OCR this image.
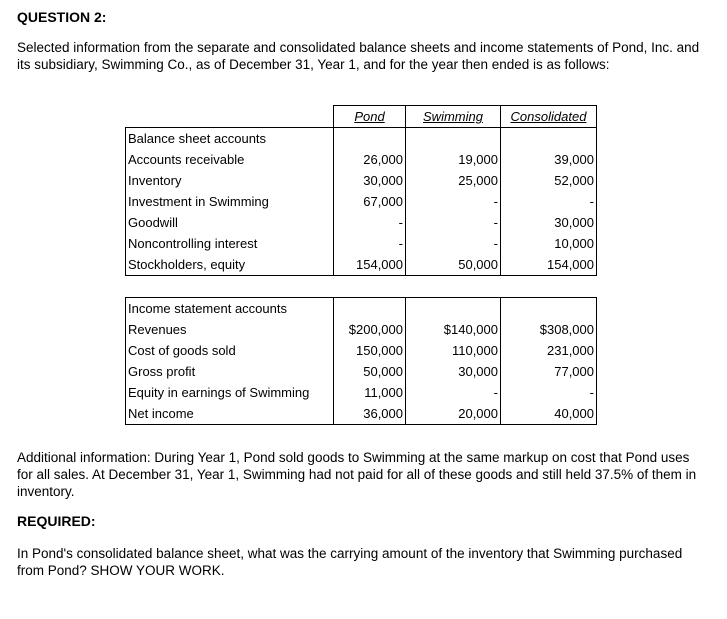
QUESTION 2:
Selected information from the separate and consolidated balance sheets and income statements of Pond, Inc. and its subsidiary, Swimming Co., as of December 31, Year 1, and for the year then ended is as follows:
	Pond	Swimming	Consolidated
Balance sheet accounts			
Accounts receivable	26,000	19,000	39,000
Inventory	30,000	25,000	52,000
Investment in Swimming	67,000	-	-
Goodwill	-	-	30,000
Noncontrolling interest	-	-	10,000
Stockholders, equity	154,000	50,000	154,000

Income statement accounts			
Revenues	$200,000	$140,000	$308,000
Cost of goods sold	150,000	110,000	231,000
Gross profit	50,000	30,000	77,000
Equity in earnings of Swimming	11,000	-	-
Net income	36,000	20,000	40,000
Additional information: During Year 1, Pond sold goods to Swimming at the same markup on cost that Pond uses for all sales. At December 31, Year 1, Swimming had not paid for all of these goods and still held 37.5% of them in inventory.
REQUIRED:
In Pond's consolidated balance sheet, what was the carrying amount of the inventory that Swimming purchased from Pond? SHOW YOUR WORK.
